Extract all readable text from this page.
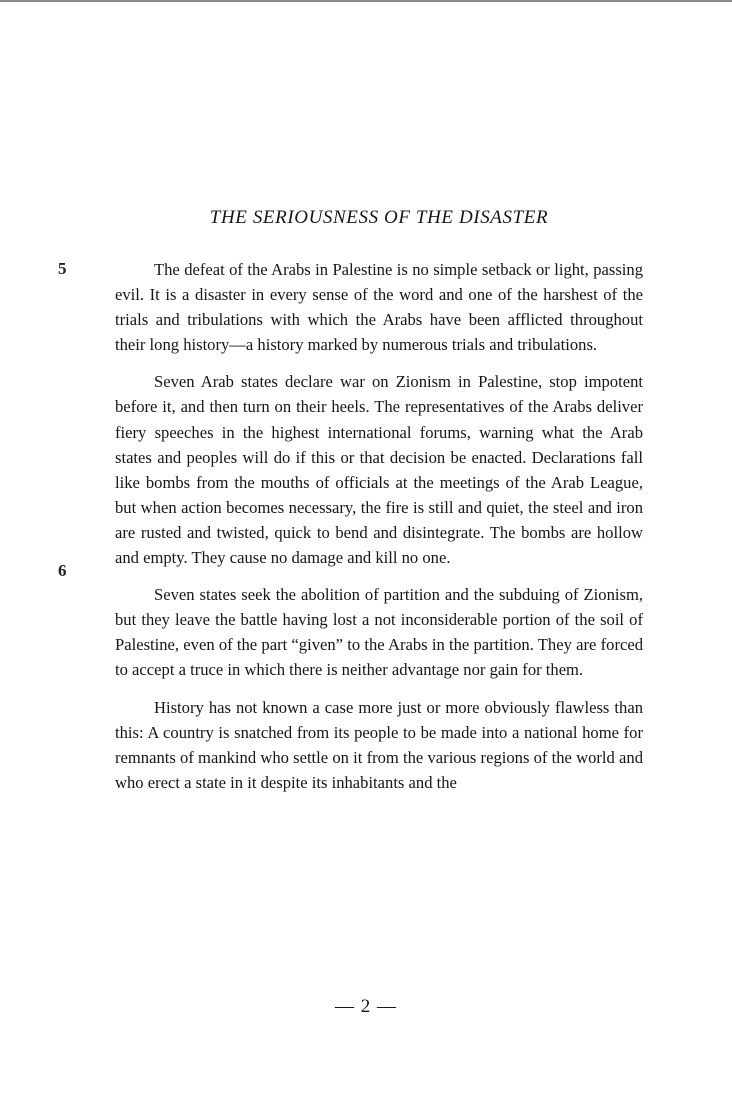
THE SERIOUSNESS OF THE DISASTER
5
6

The defeat of the Arabs in Palestine is no simple setback or light, passing evil. It is a disaster in every sense of the word and one of the harshest of the trials and tribulations with which the Arabs have been afflicted throughout their long history—a history marked by numerous trials and tribulations.

Seven Arab states declare war on Zionism in Palestine, stop impotent before it, and then turn on their heels. The representatives of the Arabs deliver fiery speeches in the highest international forums, warning what the Arab states and peoples will do if this or that decision be enacted. Declarations fall like bombs from the mouths of officials at the meetings of the Arab League, but when action becomes necessary, the fire is still and quiet, the steel and iron are rusted and twisted, quick to bend and disintegrate. The bombs are hollow and empty. They cause no damage and kill no one.

Seven states seek the abolition of partition and the subduing of Zionism, but they leave the battle having lost a not inconsiderable portion of the soil of Palestine, even of the part “given” to the Arabs in the partition. They are forced to accept a truce in which there is neither advantage nor gain for them.

History has not known a case more just or more obviously flawless than this: A country is snatched from its people to be made into a national home for remnants of mankind who settle on it from the various regions of the world and who erect a state in it despite its inhabitants and the

— 2 —
